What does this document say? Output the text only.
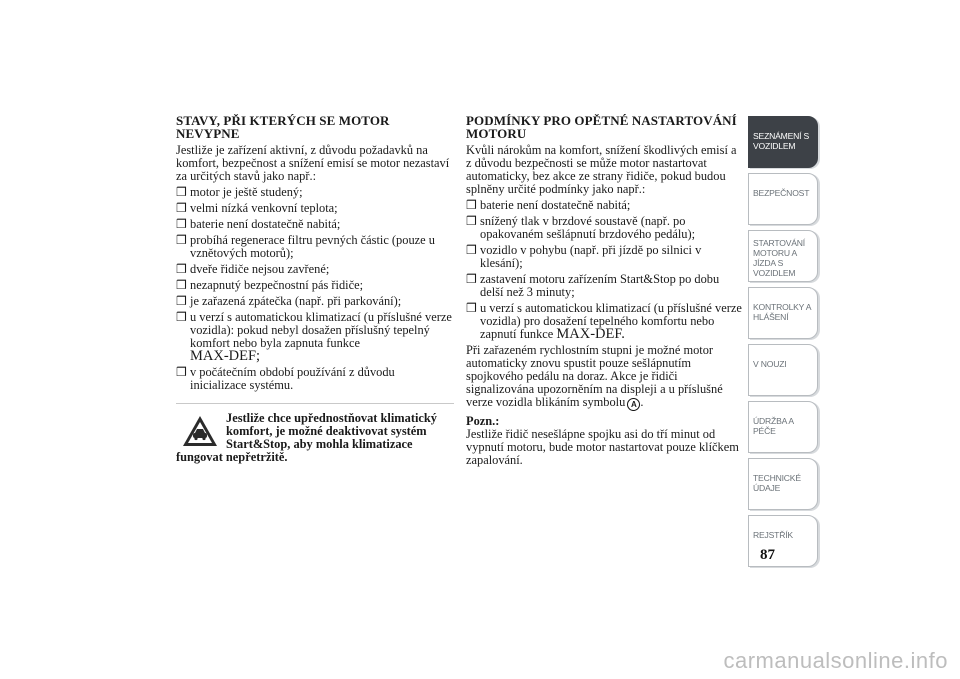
STAVY, PŘI KTERÝCH SE MOTOR NEVYPNE

Jestliže je zařízení aktivní, z důvodu požadavků na komfort, bezpečnost a snížení emisí se motor nezastaví za určitých stavů jako např.:

❒ motor je ještě studený;
❒ velmi nízká venkovní teplota;
❒ baterie není dostatečně nabitá;
❒ probíhá regenerace filtru pevných částic (pouze u vznětových motorů);
❒ dveře řidiče nejsou zavřené;
❒ nezapnutý bezpečnostní pás řidiče;
❒ je zařazená zpátečka (např. při parkování);
❒ u verzí s automatickou klimatizací (u příslušné verze vozidla): pokud nebyl dosažen příslušný tepelný komfort nebo byla zapnuta funkce
MAX-DEF;
❒ v počátečním období používání z důvodu inicializace systému.
Jestliže chce upřednostňovat klimatický komfort, je možné deaktivovat systém Start&Stop, aby mohla klimatizace fungovat nepřetržitě.
PODMÍNKY PRO OPĚTNÉ NASTARTOVÁNÍ MOTORU

Kvůli nárokům na komfort, snížení škodlivých emisí a z důvodu bezpečnosti se může motor nastartovat automaticky, bez akce ze strany řidiče, pokud budou splněny určité podmínky jako např.:

❒ baterie není dostatečně nabitá;
❒ snížený tlak v brzdové soustavě (např. po opakovaném sešlápnutí brzdového pedálu);
❒ vozidlo v pohybu (např. při jízdě po silnici v klesání);
❒ zastavení motoru zařízením Start&Stop po dobu delší než 3 minuty;
❒ u verzí s automatickou klimatizací (u příslušné verze vozidla) pro dosažení tepelného komfortu nebo zapnutí funkce MAX-DEF.

Při zařazeném rychlostním stupni je možné motor automaticky znovu spustit pouze sešlápnutím spojkového pedálu na doraz. Akce je řidiči signalizována upozorněním na displeji a u příslušné verze vozidla blikáním symbolu A .

Pozn.:

Jestliže řidič nesešlápne spojku asi do tří minut od vypnutí motoru, bude motor nastartovat pouze klíčkem zapalování.

SEZNÁMENÍ S VOZIDLEM
BEZPEČNOST
STARTOVÁNÍ MOTORU A JÍZDA S VOZIDLEM
KONTROLKY A HLÁŠENÍ
V NOUZI
ÚDRŽBA A PÉČE
TECHNICKÉ ÚDAJE
REJSTŘÍK
87
carmanualsonline.info
